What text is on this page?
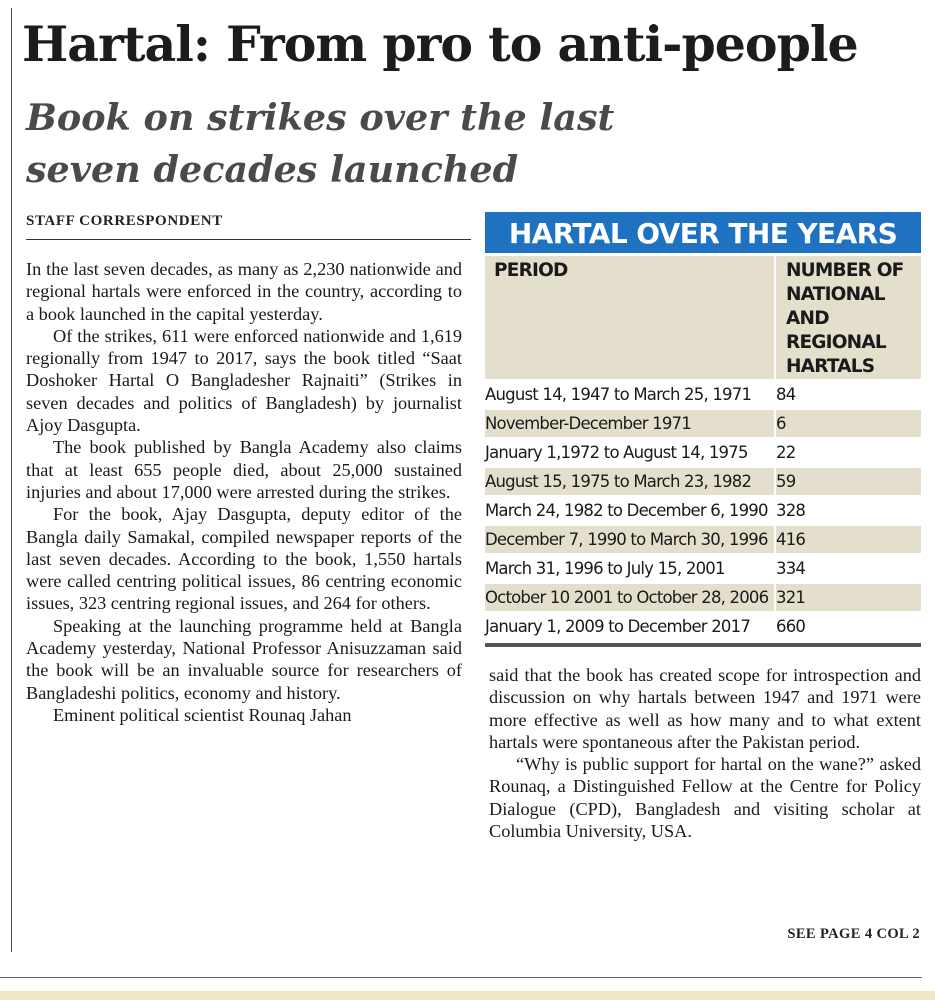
Hartal: From pro to anti-people
Book on strikes over the last seven decades launched
STAFF CORRESPONDENT

In the last seven decades, as many as 2,230 nationwide and regional hartals were enforced in the country, according to a book launched in the capital yesterday.

Of the strikes, 611 were enforced nationwide and 1,619 regionally from 1947 to 2017, says the book titled “Saat Doshoker Hartal O Bangladesher Rajnaiti” (Strikes in seven decades and politics of Bangladesh) by journalist Ajoy Dasgupta.

The book published by Bangla Academy also claims that at least 655 people died, about 25,000 sustained injuries and about 17,000 were arrested during the strikes.

For the book, Ajay Dasgupta, deputy editor of the Bangla daily Samakal, compiled newspaper reports of the last seven decades. According to the book, 1,550 hartals were called centring political issues, 86 centring economic issues, 323 centring regional issues, and 264 for others.

Speaking at the launching programme held at Bangla Academy yesterday, National Professor Anisuzzaman said the book will be an invaluable source for researchers of Bangladeshi politics, economy and history.

Eminent political scientist Rounaq Jahan

HARTAL OVER THE YEARS
PERIOD	NUMBER OF NATIONAL AND REGIONAL HARTALS
August 14, 1947 to March 25, 1971	84
November-December 1971	6
January 1,1972 to August 14, 1975	22
August 15, 1975 to March 23, 1982	59
March 24, 1982 to December 6, 1990	328
December 7, 1990 to March 30, 1996	416
March 31, 1996 to July 15, 2001	334
October 10 2001 to October 28, 2006	321
January 1, 2009 to December 2017	660

said that the book has created scope for introspection and discussion on why hartals between 1947 and 1971 were more effective as well as how many and to what extent hartals were spontaneous after the Pakistan period.

“Why is public support for hartal on the wane?” asked Rounaq, a Distinguished Fellow at the Centre for Policy Dialogue (CPD), Bangladesh and visiting scholar at Columbia University, USA.

SEE PAGE 4 COL 2
